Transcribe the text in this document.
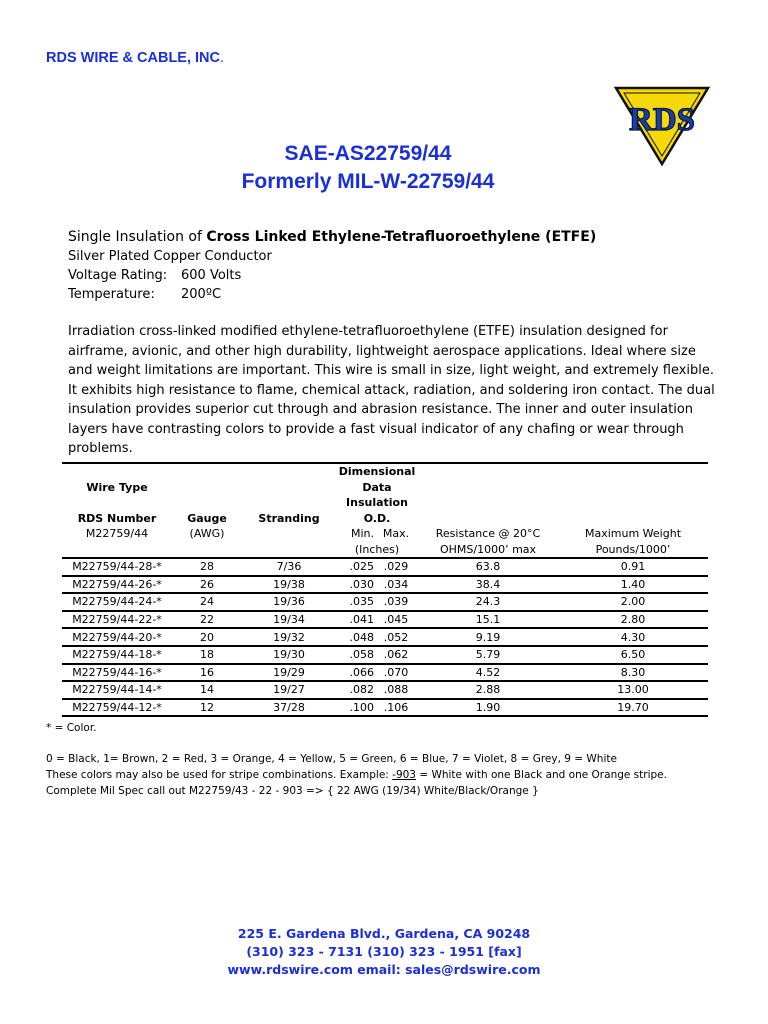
RDS WIRE & CABLE, INC.
RDS
SAE-AS22759/44
Formerly MIL-W-22759/44
Single Insulation of Cross Linked Ethylene-Tetrafluoroethylene (ETFE)
Silver Plated Copper Conductor
Voltage Rating: 600 Volts
Temperature: 200ºC
Irradiation cross-linked modified ethylene-tetrafluoroethylene (ETFE) insulation designed for airframe, avionic, and other high durability, lightweight aerospace applications. Ideal where size and weight limitations are important. This wire is small in size, light weight, and extremely flexible. It exhibits high resistance to flame, chemical attack, radiation, and soldering iron contact. The dual insulation provides superior cut through and abrasion resistance. The inner and outer insulation layers have contrasting colors to provide a fast visual indicator of any chafing or wear through problems.
Wire Type			Dimensional Data			
RDS Number	Gauge	Stranding	Insulation O.D.			
M22759/44	(AWG)		Min.	Max.	Resistance @ 20°C	Maximum Weight
			(Inches)		OHMS/1000’ max	Pounds/1000’
M22759/44-28-*	28	7/36	.025	.029	63.8	0.91
M22759/44-26-*	26	19/38	.030	.034	38.4	1.40
M22759/44-24-*	24	19/36	.035	.039	24.3	2.00
M22759/44-22-*	22	19/34	.041	.045	15.1	2.80
M22759/44-20-*	20	19/32	.048	.052	9.19	4.30
M22759/44-18-*	18	19/30	.058	.062	5.79	6.50
M22759/44-16-*	16	19/29	.066	.070	4.52	8.30
M22759/44-14-*	14	19/27	.082	.088	2.88	13.00
M22759/44-12-*	12	37/28	.100	.106	1.90	19.70
* = Color.
0 = Black, 1= Brown, 2 = Red, 3 = Orange, 4 = Yellow, 5 = Green, 6 = Blue, 7 = Violet, 8 = Grey, 9 = White
These colors may also be used for stripe combinations. Example: -903 = White with one Black and one Orange stripe.
Complete Mil Spec call out M22759/43 - 22 - 903 => { 22 AWG (19/34) White/Black/Orange }
225 E. Gardena Blvd., Gardena, CA 90248
(310) 323 - 7131 (310) 323 - 1951 [fax]
www.rdswire.com email: sales@rdswire.com
